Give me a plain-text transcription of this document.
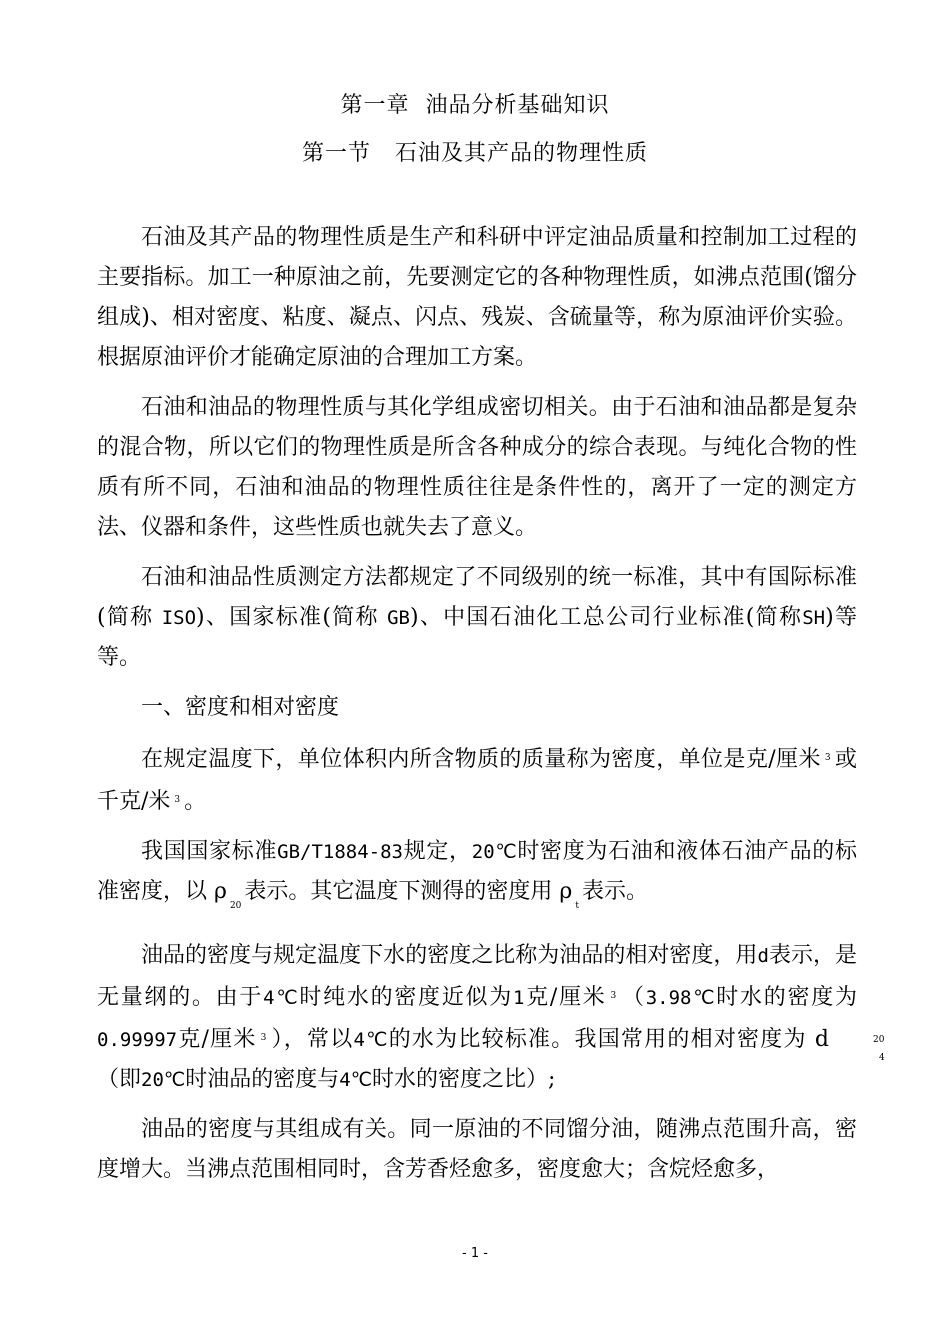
第一章  油品分析基础知识
第一节   石油及其产品的物理性质

石油及其产品的物理性质是生产和科研中评定油品质量和控制加工过程的主要指标。加工一种原油之前，先要测定它的各种物理性质，如沸点范围(馏分组成)、相对密度、粘度、凝点、闪点、残炭、含硫量等，称为原油评价实验。根据原油评价才能确定原油的合理加工方案。

石油和油品的物理性质与其化学组成密切相关。由于石油和油品都是复杂的混合物，所以它们的物理性质是所含各种成分的综合表现。与纯化合物的性质有所不同，石油和油品的物理性质往往是条件性的，离开了一定的测定方法、仪器和条件，这些性质也就失去了意义。

石油和油品性质测定方法都规定了不同级别的统一标准，其中有国际标准(简称 ISO)、国家标准(简称 GB)、中国石油化工总公司行业标准(简称SH)等等。

一、密度和相对密度

在规定温度下，单位体积内所含物质的质量称为密度，单位是克/厘米 $^3$ 或千克/米 $^3$ 。

我国国家标准GB/T1884-83规定，20℃时密度为石油和液体石油产品的标准密度，以 $\rho_{20}$表示。其它温度下测得的密度用 $\rho_t$表示。

油品的密度与规定温度下水的密度之比称为油品的相对密度，用d表示，是无量纲的。由于4℃时纯水的密度近似为1克/厘米 $^3$ （3.98℃时水的密度为0.99997克/厘米 $^3$ ），常以4℃的水为比较标准。我国常用的相对密度为 d	20
4
（即20℃时油品的密度与4℃时水的密度之比）;

油品的密度与其组成有关。同一原油的不同馏分油，随沸点范围升高，密度增大。当沸点范围相同时，含芳香烃愈多，密度愈大；含烷烃愈多，

- 1 -
